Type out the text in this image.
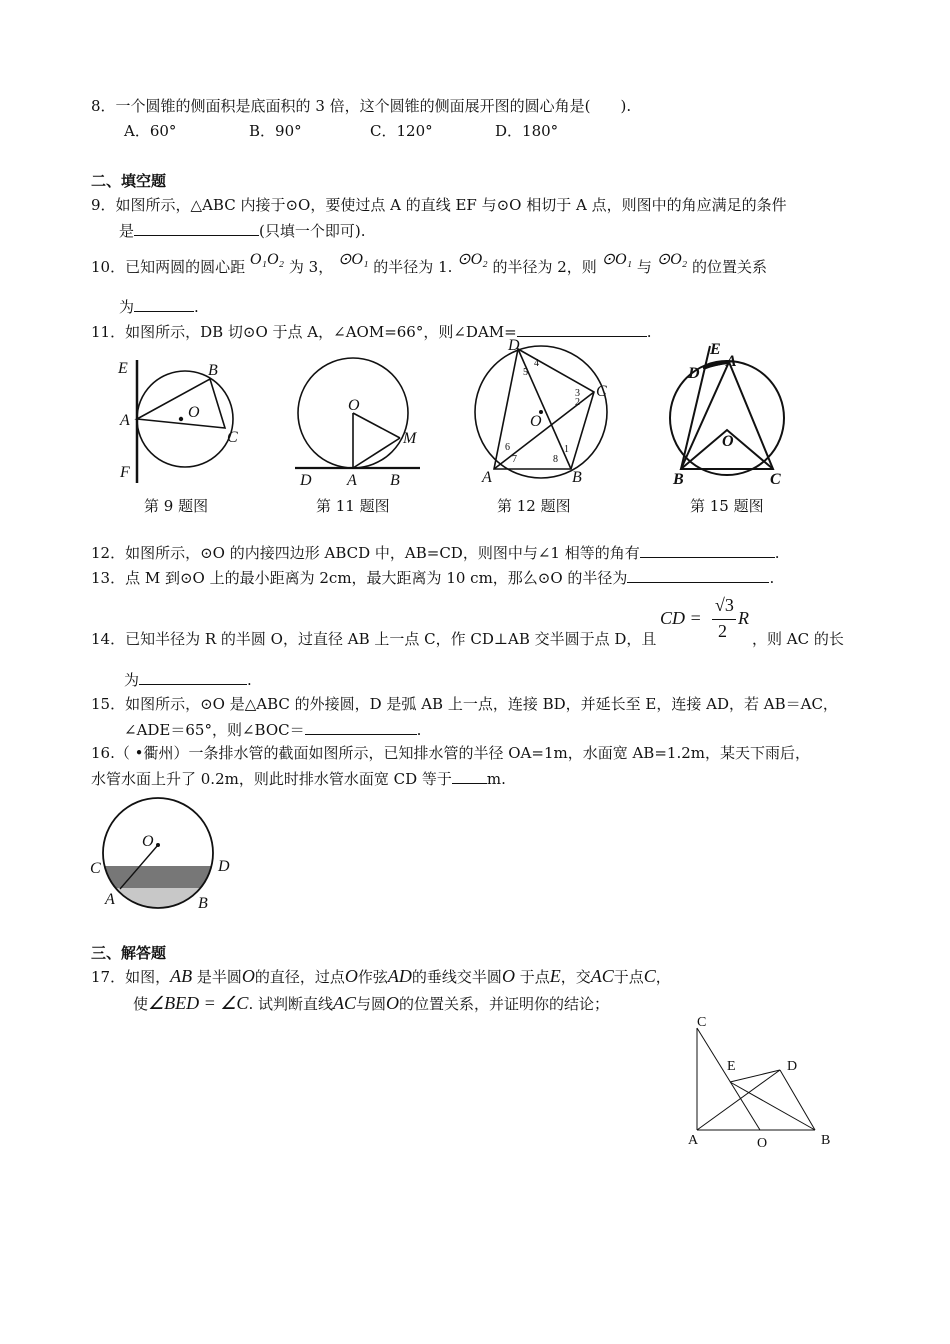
8．一个圆锥的侧面积是底面积的 3 倍，这个圆锥的侧面展开图的圆心角是(　　).
A．60°	B．90°	C．120°	D．180°
二、填空题
9．如图所示，△ABC 内接于⊙O，要使过点 A 的直线 EF 与⊙O 相切于 A 点，则图中的角应满足的条件
是	(只填一个即可).
10．已知两圆的圆心距 O₁O₂ 为 3， ⊙O₁ 的半径为 1. ⊙O₂ 的半径为 2，则 ⊙O₁ 与 ⊙O₂ 的位置关系
为	.
11．如图所示，DB 切⊙O 于点 A，∠AOM=66°，则∠DAM=	.
E	B
A	O
C
F
第 9 题图
O
M
D A B
第 11 题图
D
C
O
A	B
1
2
3
4
5
6
7	8
第 12 题图
E
D
A
O
B	C
第 15 题图
12．如图所示，⊙O 的内接四边形 ABCD 中，AB=CD，则图中与∠1 相等的角有	.
13．点 M 到⊙O 上的最小距离为 2cm，最大距离为 10 cm，那么⊙O 的半径为	.
14．已知半径为 R 的半圆 O，过直径 AB 上一点 C，作 CD⊥AB 交半圆于点 D，且
CD =
√3
2
R
，则 AC 的长
为	.
15．如图所示，⊙O 是△ABC 的外接圆，D 是弧 AB 上一点，连接 BD，并延长至 E，连接 AD，若 AB＝AC，
∠ADE＝65°，则∠BOC＝	.
16.（ •衢州）一条排水管的截面如图所示，已知排水管的半径 OA=1m，水面宽 AB=1.2m，某天下雨后，
水管水面上升了 0.2m，则此时排水管水面宽 CD 等于 m.
O
C	D
A	B
三、解答题
17．如图，AB 是半圆O的直径，过点O作弦AD的垂线交半圆O 于点E，交AC于点C，
使∠BED = ∠C. 试判断直线AC与圆O的位置关系，并证明你的结论；
C
E	D
A	O	B
